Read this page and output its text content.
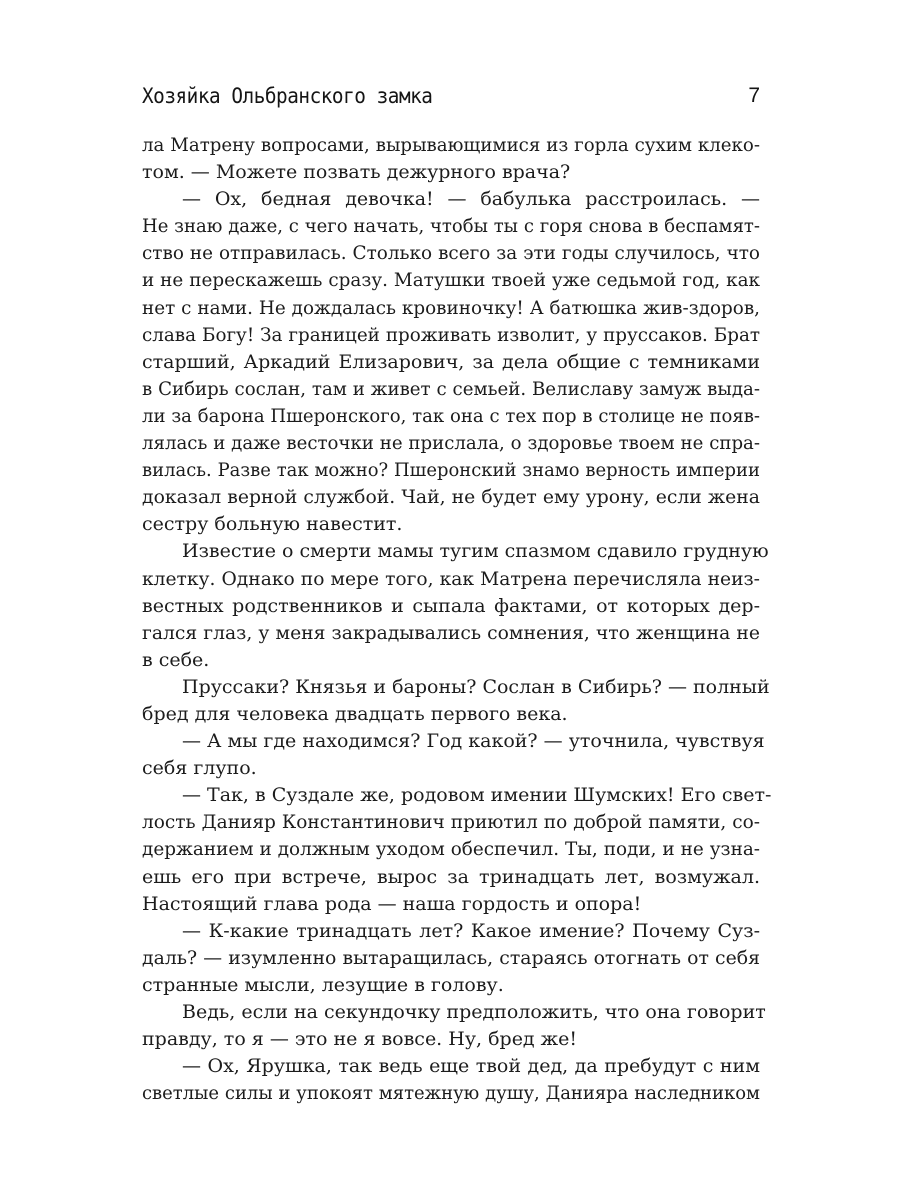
Хозяйка Ольбранского замка	7
ла Матрену вопросами, вырывающимися из горла сухим клеко-
том. — Можете позвать дежурного врача?
— Ох, бедная девочка! — бабулька расстроилась. —
Не знаю даже, с чего начать, чтобы ты с горя снова в беспамят-
ство не отправилась. Столько всего за эти годы случилось, что
и не перескажешь сразу. Матушки твоей уже седьмой год, как
нет с нами. Не дождалась кровиночку! А батюшка жив-здоров,
слава Богу! За границей проживать изволит, у пруссаков. Брат
старший, Аркадий Елизарович, за дела общие с темниками
в Сибирь сослан, там и живет с семьей. Велиславу замуж выда-
ли за барона Пшеронского, так она с тех пор в столице не появ-
лялась и даже весточки не прислала, о здоровье твоем не спра-
вилась. Разве так можно? Пшеронский знамо верность империи
доказал верной службой. Чай, не будет ему урону, если жена
сестру больную навестит.
Известие о смерти мамы тугим спазмом сдавило грудную
клетку. Однако по мере того, как Матрена перечисляла неиз-
вестных родственников и сыпала фактами, от которых дер-
гался глаз, у меня закрадывались сомнения, что женщина не
в себе.
Пруссаки? Князья и бароны? Сослан в Сибирь? — полный
бред для человека двадцать первого века.
— А мы где находимся? Год какой? — уточнила, чувствуя
себя глупо.
— Так, в Суздале же, родовом имении Шумских! Его свет-
лость Данияр Константинович приютил по доброй памяти, со-
держанием и должным уходом обеспечил. Ты, поди, и не узна-
ешь его при встрече, вырос за тринадцать лет, возмужал.
Настоящий глава рода — наша гордость и опора!
— К-какие тринадцать лет? Какое имение? Почему Суз-
даль? — изумленно вытаращилась, стараясь отогнать от себя
странные мысли, лезущие в голову.
Ведь, если на секундочку предположить, что она говорит
правду, то я — это не я вовсе. Ну, бред же!
— Ох, Ярушка, так ведь еще твой дед, да пребудут с ним
светлые силы и упокоят мятежную душу, Данияра наследником
